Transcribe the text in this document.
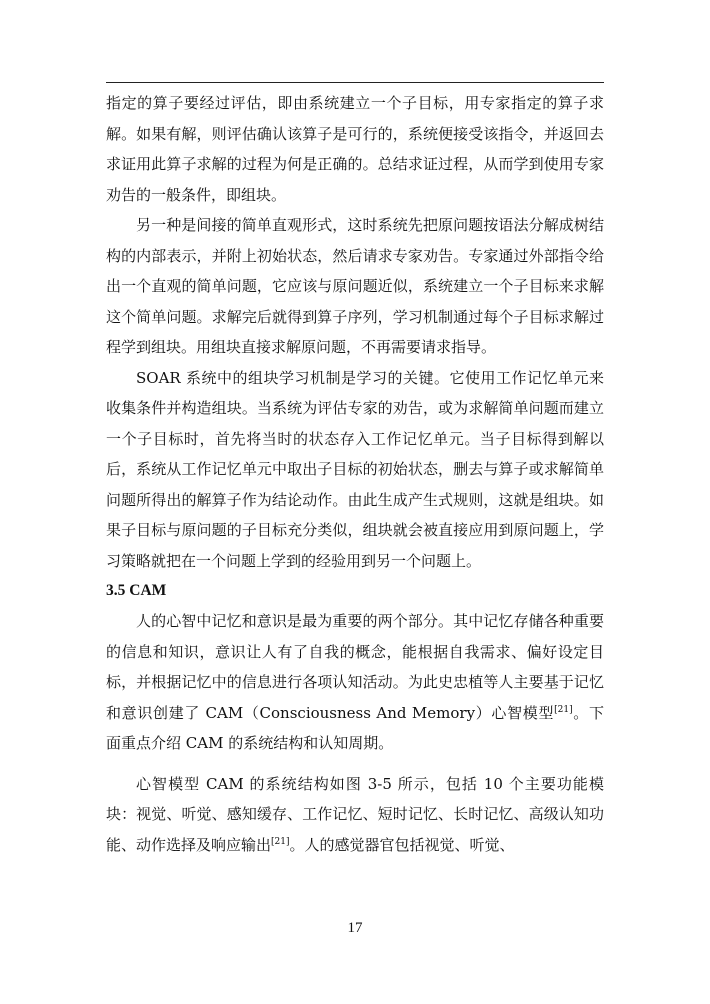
指定的算子要经过评估，即由系统建立一个子目标，用专家指定的算子求解。如果有解，则评估确认该算子是可行的，系统便接受该指令，并返回去求证用此算子求解的过程为何是正确的。总结求证过程，从而学到使用专家劝告的一般条件，即组块。

另一种是间接的简单直观形式，这时系统先把原问题按语法分解成树结构的内部表示，并附上初始状态，然后请求专家劝告。专家通过外部指令给出一个直观的简单问题，它应该与原问题近似，系统建立一个子目标来求解这个简单问题。求解完后就得到算子序列，学习机制通过每个子目标求解过程学到组块。用组块直接求解原问题，不再需要请求指导。

SOAR 系统中的组块学习机制是学习的关键。它使用工作记忆单元来收集条件并构造组块。当系统为评估专家的劝告，或为求解简单问题而建立一个子目标时，首先将当时的状态存入工作记忆单元。当子目标得到解以后，系统从工作记忆单元中取出子目标的初始状态，删去与算子或求解简单问题所得出的解算子作为结论动作。由此生成产生式规则，这就是组块。如果子目标与原问题的子目标充分类似，组块就会被直接应用到原问题上，学习策略就把在一个问题上学到的经验用到另一个问题上。

3.5 CAM

人的心智中记忆和意识是最为重要的两个部分。其中记忆存储各种重要的信息和知识，意识让人有了自我的概念，能根据自我需求、偏好设定目标，并根据记忆中的信息进行各项认知活动。为此史忠植等人主要基于记忆和意识创建了 CAM（Consciousness And Memory）心智模型[21]。下面重点介绍 CAM 的系统结构和认知周期。

心智模型 CAM 的系统结构如图 3-5 所示，包括 10 个主要功能模块：视觉、听觉、感知缓存、工作记忆、短时记忆、长时记忆、高级认知功能、动作选择及响应输出[21]。人的感觉器官包括视觉、听觉、

17
